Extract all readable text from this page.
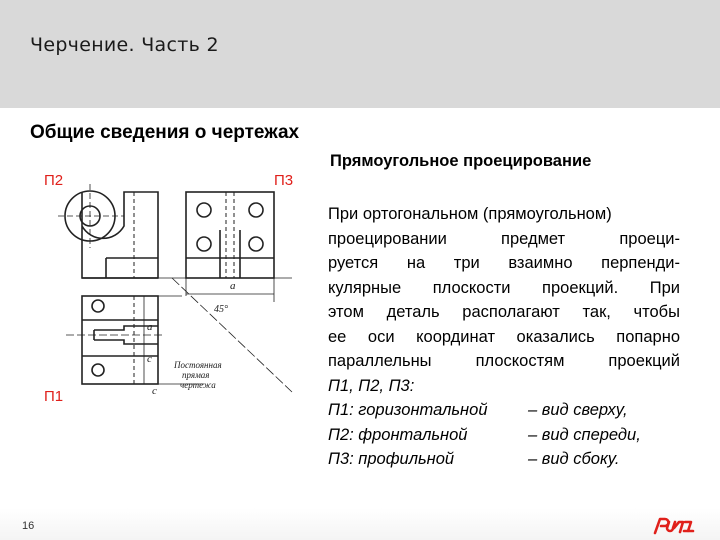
Черчение. Часть 2
Общие сведения о чертежах
П2	П3
П1
a
a
c
c
45°
Постоянная
прямая
чертежа
Прямоугольное проецирование
При ортогональном (прямоугольном)
проецировании предмет проеци-
руется на три взаимно перпенди-
кулярные плоскости проекций. При
этом деталь располагают так, чтобы
ее оси координат оказались попарно
параллельны плоскостям проекций
П1, П2, П3:
П1: горизонтальной	– вид сверху,
П2: фронтальной	– вид спереди,
П3: профильной	– вид сбоку.
16
